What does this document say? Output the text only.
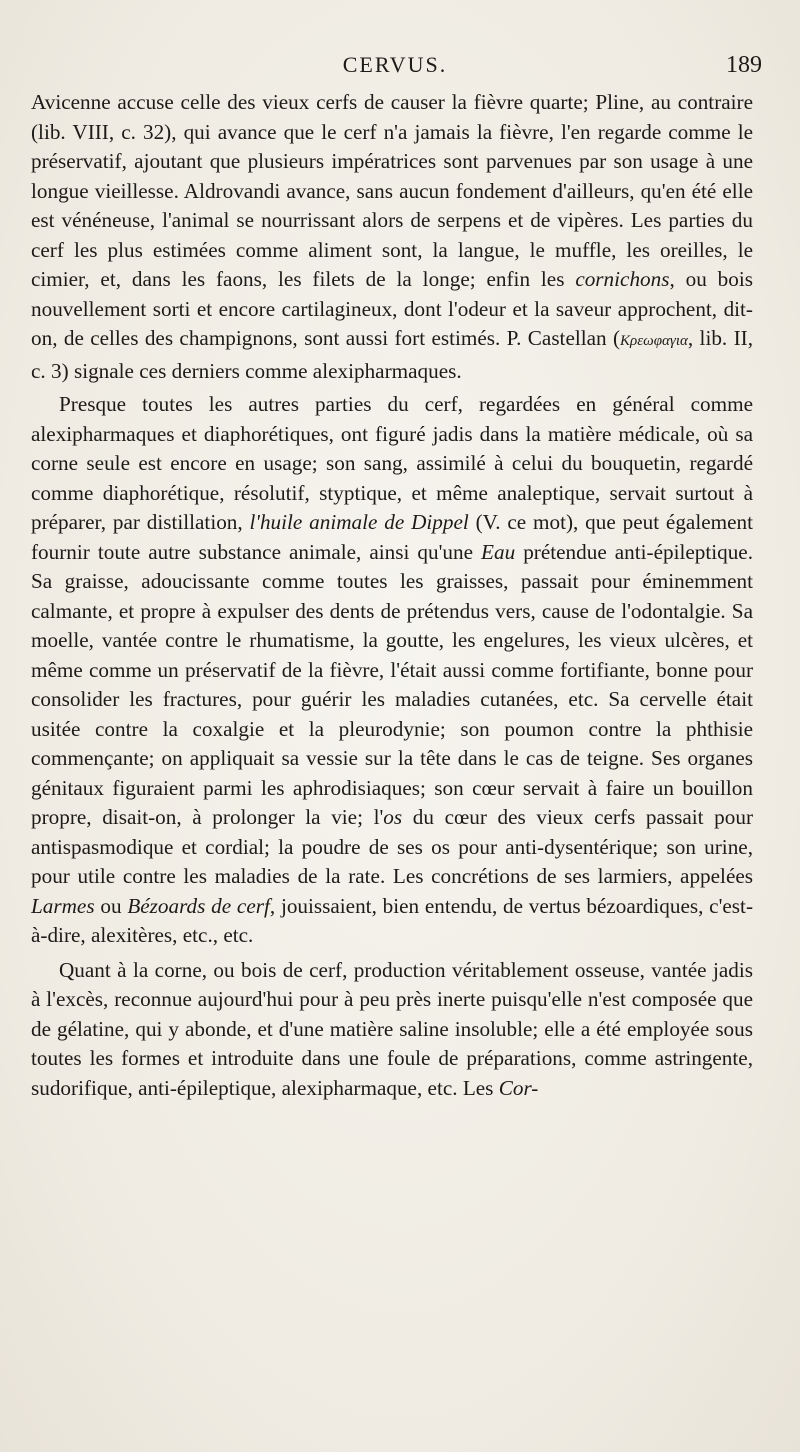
CERVUS.	189

Avicenne accuse celle des vieux cerfs de causer la fièvre quarte; Pline, au contraire (lib. VIII, c. 32), qui avance que le cerf n'a jamais la fièvre, l'en regarde comme le préservatif, ajoutant que plusieurs impératrices sont parvenues par son usage à une longue vieillesse. Aldrovandi avance, sans aucun fondement d'ailleurs, qu'en été elle est vénéneuse, l'animal se nourrissant alors de serpens et de vipères. Les parties du cerf les plus estimées comme aliment sont, la langue, le muffle, les oreilles, le cimier, et, dans les faons, les filets de la longe; enfin les cornichons, ou bois nouvellement sorti et encore cartilagineux, dont l'odeur et la saveur approchent, dit-on, de celles des champignons, sont aussi fort estimés. P. Castellan (Κρεωφαγια, lib. II, c. 3) signale ces derniers comme alexipharmaques.

Presque toutes les autres parties du cerf, regardées en général comme alexipharmaques et diaphorétiques, ont figuré jadis dans la matière médicale, où sa corne seule est encore en usage; son sang, assimilé à celui du bouquetin, regardé comme diaphorétique, résolutif, styptique, et même analeptique, servait surtout à préparer, par distillation, l'huile animale de Dippel (V. ce mot), que peut également fournir toute autre substance animale, ainsi qu'une Eau prétendue anti-épileptique. Sa graisse, adoucissante comme toutes les graisses, passait pour éminemment calmante, et propre à expulser des dents de prétendus vers, cause de l'odontalgie. Sa moelle, vantée contre le rhumatisme, la goutte, les engelures, les vieux ulcères, et même comme un préservatif de la fièvre, l'était aussi comme fortifiante, bonne pour consolider les fractures, pour guérir les maladies cutanées, etc. Sa cervelle était usitée contre la coxalgie et la pleurodynie; son poumon contre la phthisie commençante; on appliquait sa vessie sur la tête dans le cas de teigne. Ses organes génitaux figuraient parmi les aphrodisiaques; son cœur servait à faire un bouillon propre, disait-on, à prolonger la vie; l'os du cœur des vieux cerfs passait pour antispasmodique et cordial; la poudre de ses os pour anti-dysentérique; son urine, pour utile contre les maladies de la rate. Les concrétions de ses larmiers, appelées Larmes ou Bézoards de cerf, jouissaient, bien entendu, de vertus bézoardiques, c'est-à-dire, alexitères, etc., etc.

Quant à la corne, ou bois de cerf, production véritablement osseuse, vantée jadis à l'excès, reconnue aujourd'hui pour à peu près inerte puisqu'elle n'est composée que de gélatine, qui y abonde, et d'une matière saline insoluble; elle a été employée sous toutes les formes et introduite dans une foule de préparations, comme astringente, sudorifique, anti-épileptique, alexipharmaque, etc. Les Cor-
